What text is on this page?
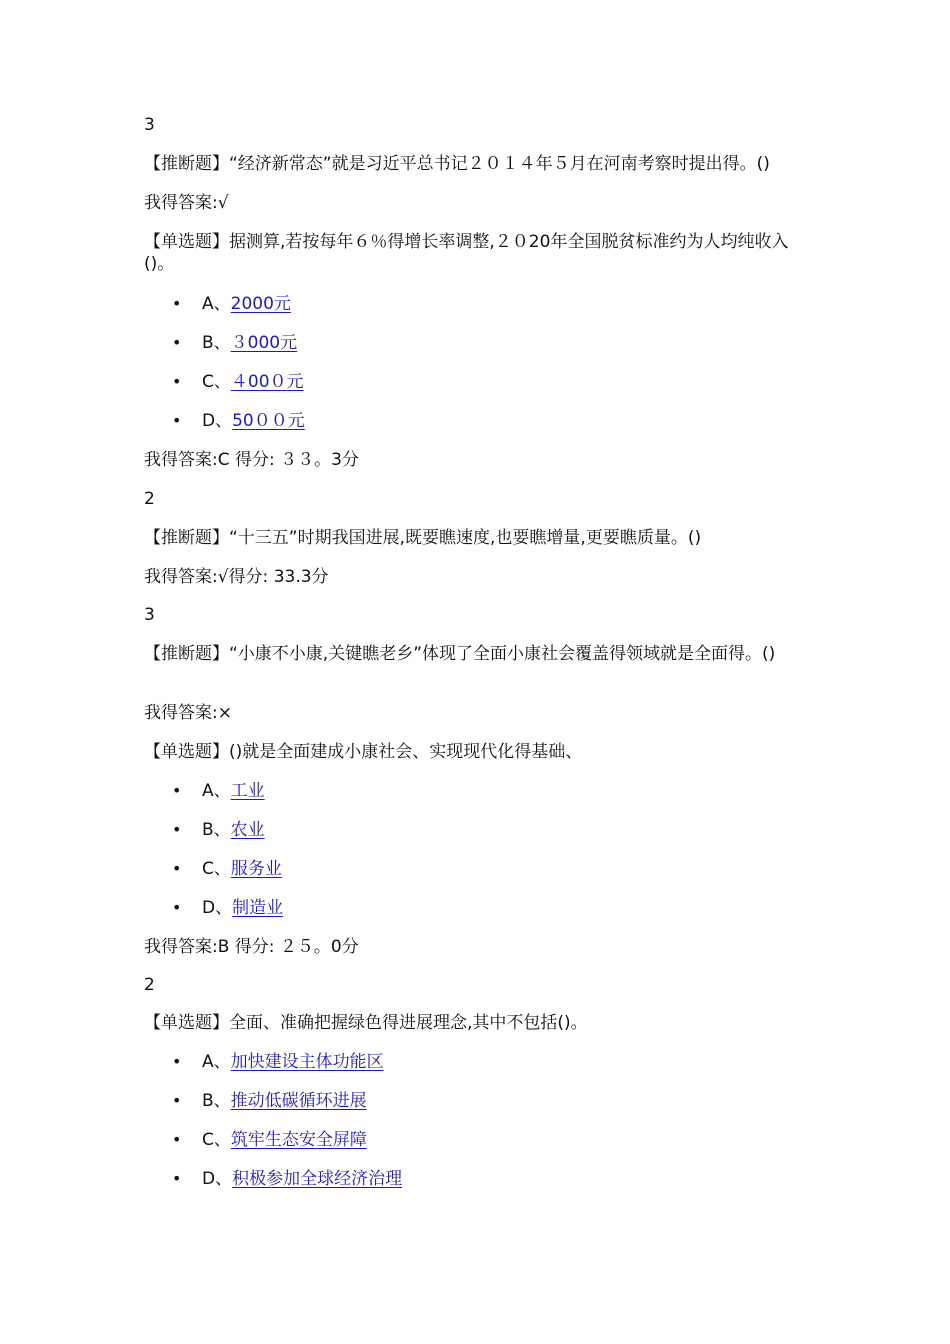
3
【推断题】“经济新常态”就是习近平总书记２０１４年５月在河南考察时提出得。()
我得答案:√
【单选题】据测算,若按每年６％得增长率调整,２０20年全国脱贫标准约为人均纯收入()。
• A、2000元
• B、３000元
• C、４00０元
• D、50００元
我得答案:C 得分: ３３。3分
2
【推断题】“十三五”时期我国进展,既要瞧速度,也要瞧增量,更要瞧质量。()
我得答案:√得分: 33.3分
3
【推断题】“小康不小康,关键瞧老乡”体现了全面小康社会覆盖得领域就是全面得。()
我得答案:×
【单选题】()就是全面建成小康社会、实现现代化得基础、
• A、工业
• B、农业
• C、服务业
• D、制造业
我得答案:B 得分: ２５。0分
2
【单选题】全面、准确把握绿色得进展理念,其中不包括()。
• A、加快建设主体功能区
• B、推动低碳循环进展
• C、筑牢生态安全屏障
• D、积极参加全球经济治理
